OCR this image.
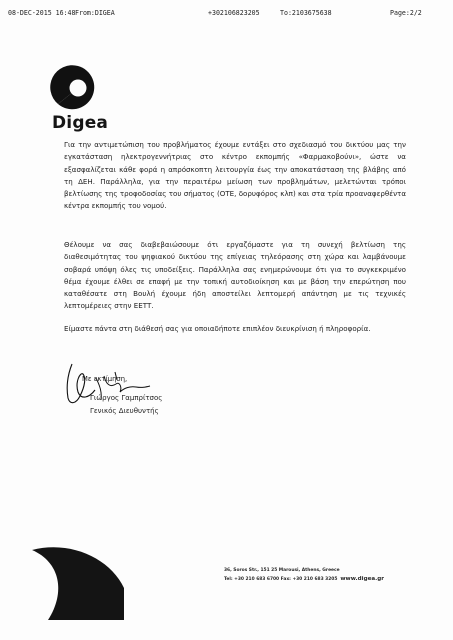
08-DEC-2015 16:48 From:DIGEA	+302106823205	To:2103675638	Page:2/2
Digea
Για την αντιμετώπιση του προβλήματος έχουμε εντάξει στο σχεδιασμό του δικτύου μας την εγκατάσταση ηλεκτρογεννήτριας στο κέντρο εκπομπής «Φαρμακοβούνι», ώστε να εξασφαλίζεται κάθε φορά η απρόσκοπτη λειτουργία έως την αποκατάσταση της βλάβης από τη ΔΕΗ. Παράλληλα, για την περαιτέρω μείωση των προβλημάτων, μελετώνται τρόποι βελτίωσης της τροφοδοσίας του σήματος (ΟΤΕ, δορυφόρος κλπ) και στα τρία προαναφερθέντα κέντρα εκπομπής του νομού.
Θέλουμε να σας διαβεβαιώσουμε ότι εργαζόμαστε για τη συνεχή βελτίωση της διαθεσιμότητας του ψηφιακού δικτύου της επίγειας τηλεόρασης στη χώρα και λαμβάνουμε σοβαρά υπόψη όλες τις υποδείξεις. Παράλληλα σας ενημερώνουμε ότι για το συγκεκριμένο θέμα έχουμε έλθει σε επαφή με την τοπική αυτοδιοίκηση και με βάση την επερώτηση που καταθέσατε στη Βουλή έχουμε ήδη αποστείλει λεπτομερή απάντηση με τις τεχνικές λεπτομέρειες στην ΕΕΤΤ.
Είμαστε πάντα στη διάθεσή σας για οποιαδήποτε επιπλέον διευκρίνιση ή πληροφορία.
Με εκτίμηση,
Γιώργος Γαμπρίτσος
Γενικός Διευθυντής
36, Soros Str., 151 25 Marousi, Athens, Greece
Tel: +30 210 683 6700 Fax: +30 210 683 3205 www.digea.gr
